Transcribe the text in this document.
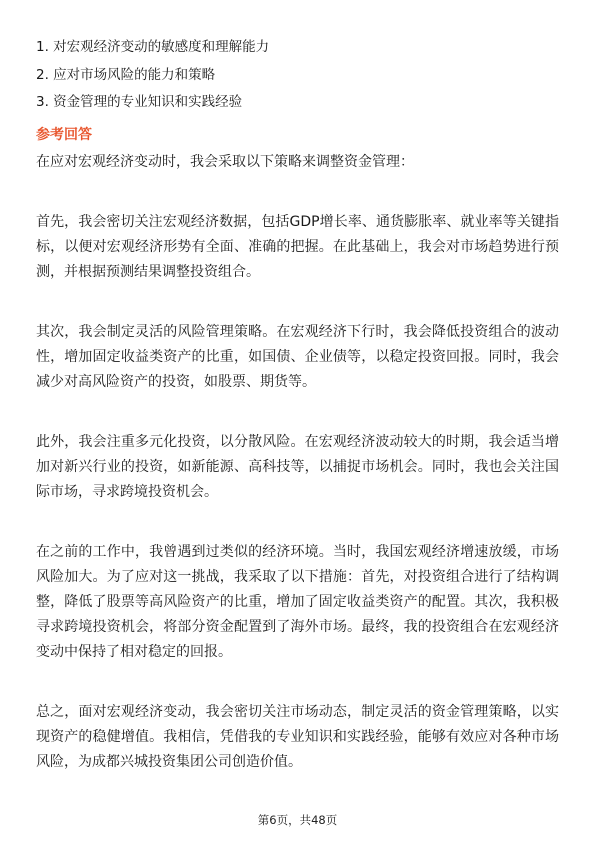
1. 对宏观经济变动的敏感度和理解能力
2. 应对市场风险的能力和策略
3. 资金管理的专业知识和实践经验
参考回答

在应对宏观经济变动时，我会采取以下策略来调整资金管理：

首先，我会密切关注宏观经济数据，包括GDP增长率、通货膨胀率、就业率等关键指标，以便对宏观经济形势有全面、准确的把握。在此基础上，我会对市场趋势进行预测，并根据预测结果调整投资组合。

其次，我会制定灵活的风险管理策略。在宏观经济下行时，我会降低投资组合的波动性，增加固定收益类资产的比重，如国债、企业债等，以稳定投资回报。同时，我会减少对高风险资产的投资，如股票、期货等。

此外，我会注重多元化投资，以分散风险。在宏观经济波动较大的时期，我会适当增加对新兴行业的投资，如新能源、高科技等，以捕捉市场机会。同时，我也会关注国际市场，寻求跨境投资机会。

在之前的工作中，我曾遇到过类似的经济环境。当时，我国宏观经济增速放缓，市场风险加大。为了应对这一挑战，我采取了以下措施：首先，对投资组合进行了结构调整，降低了股票等高风险资产的比重，增加了固定收益类资产的配置。其次，我积极寻求跨境投资机会，将部分资金配置到了海外市场。最终，我的投资组合在宏观经济变动中保持了相对稳定的回报。

总之，面对宏观经济变动，我会密切关注市场动态，制定灵活的资金管理策略，以实现资产的稳健增值。我相信，凭借我的专业知识和实践经验，能够有效应对各种市场风险，为成都兴城投资集团公司创造价值。

第6页，共48页
